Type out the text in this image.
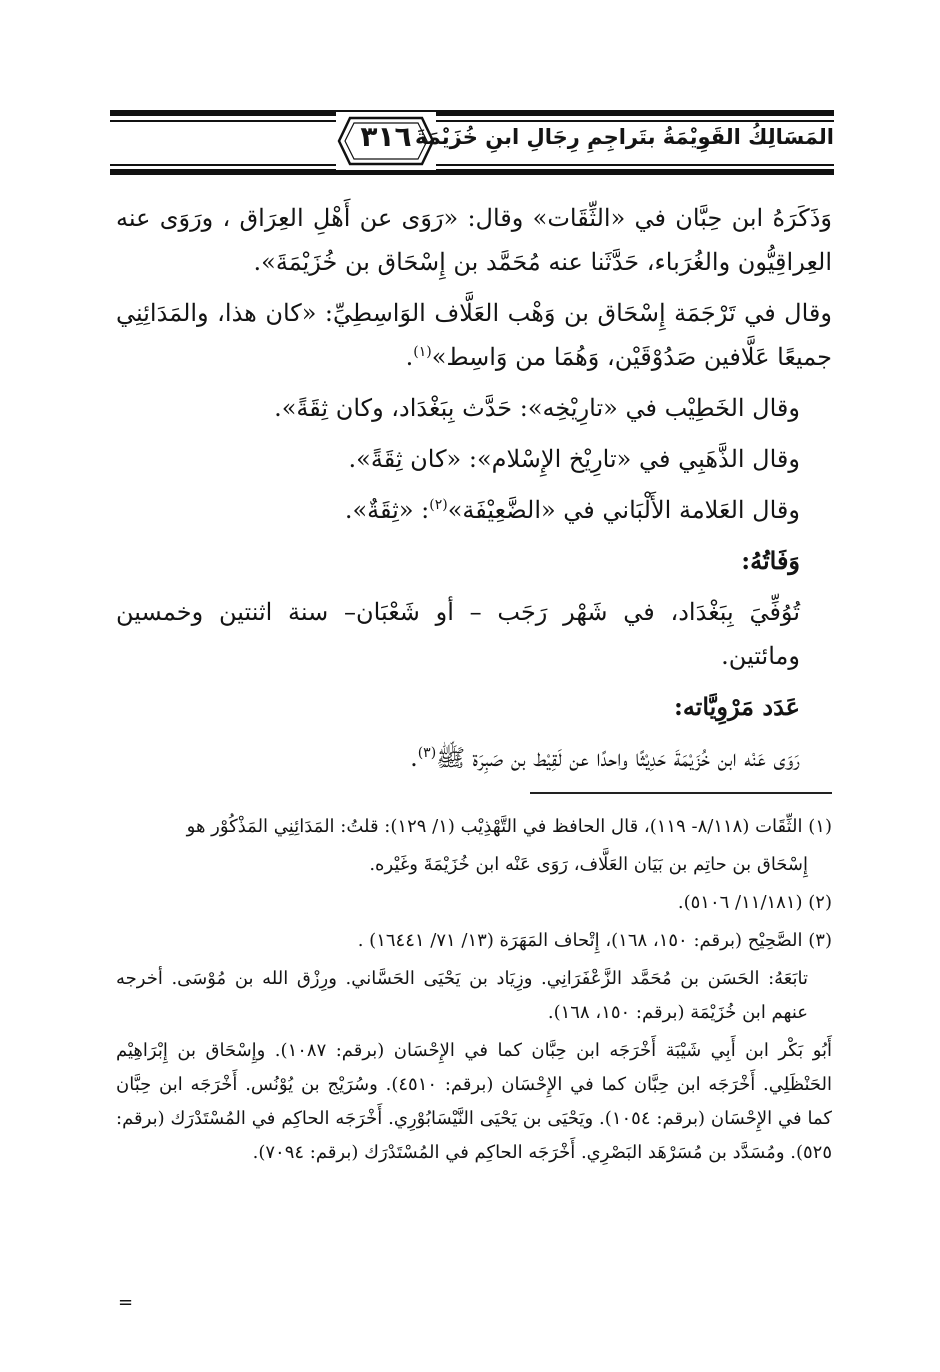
٣١٦ المَسَالِكُ القَوِيْمَةُ بتَراجِمِ رِجَالِ ابنِ خُزَيْمَةَ

وَذَكَرَهُ ابن حِبَّان في «الثِّقَات» وقال: «رَوَى عن أَهْلِ العِرَاق ، ورَوَى عنه العِراقِيُّون والغُرَباء، حَدَّثَنا عنه مُحَمَّد بن إِسْحَاق بن خُزَيْمَةَ».

وقال في تَرْجَمَة إِسْحَاق بن وَهْب العَلَّاف الوَاسِطِيِّ: «كان هذا، والمَدَائِنِي جميعًا عَلَّافين صَدُوْقَيْن، وَهُمَا من وَاسِط»$^{(١)}$.

وقال الخَطِيْب في «تارِيْخِه»: حَدَّث بِبَغْدَاد، وكان ثِقَةً».

وقال الذَّهَبِي في «تارِيْخ الإِسْلام»: «كان ثِقَةً».

وقال العَلامة الأَلْبَاني في «الضَّعِيْفَة»$^{(٢)}$: «ثِقَةٌ».

وَفَاتُهُ:

تُوُفِّيَ بِبَغْدَاد، في شَهْر رَجَب – أو شَعْبَان– سنة اثنتين وخمسين ومائتين.

عَدَد مَرْوِيَّاته:

رَوَى عَنْه ابن خُزَيْمَةَ حَدِيْثًا واحدًا عن لَقِيْط بن صَبِرَة ﷺ$^{(٣)}$.

(١) الثِّقَات (٨/١١٨- ١١٩)، قال الحافظ في التَّهْذِيْب (١/ ١٢٩): قلتُ: المَدَائِنِي المَذْكُوْر هو

إِسْحَاق بن حاتِم بن بَيَان العَلَّاف، رَوَى عَنْه ابن خُزَيْمَةَ وغَيْره.

(٢) (١١/١٨١/ ٥١٠٦).

(٣) الصَّحِيْح (برقم: ١٥٠، ١٦٨)، إِتْحاف المَهَرَة (١٣/ ٧١/ ١٦٤٤١) .

تابَعَهُ: الحَسَن بن مُحَمَّد الزَّعْفَرَانِي. وزِيَاد بن يَحْيَى الحَسَّاني. ورِزْق الله بن مُوْسَى. أخرجه عنهم ابن خُزَيْمَة (برقم: ١٥٠، ١٦٨).

أَبُو بَكْر ابن أَبِي شَيْبَة أَخْرَجَه ابن حِبَّان كما في الإِحْسَان (برقم: ١٠٨٧). وإِسْحَاق بن إِبْرَاهِيْم الحَنْظَلِي. أَخْرَجَه ابن حِبَّان كما في الإِحْسَان (برقم: ٤٥١٠). وسُرَيْج بن يُوْنُس. أَخْرَجَه ابن حِبَّان كما في الإِحْسَان (برقم: ١٠٥٤). ويَحْيَى بن يَحْيَى النَّيْسَابُوْرِي. أَخْرَجَه الحاكِم في المُسْتَدْرَك (برقم: ٥٢٥). ومُسَدَّد بن مُسَرْهَد البَصْرِي. أَخْرَجَه الحاكِم في المُسْتَدْرَك (برقم: ٧٠٩٤).

=
